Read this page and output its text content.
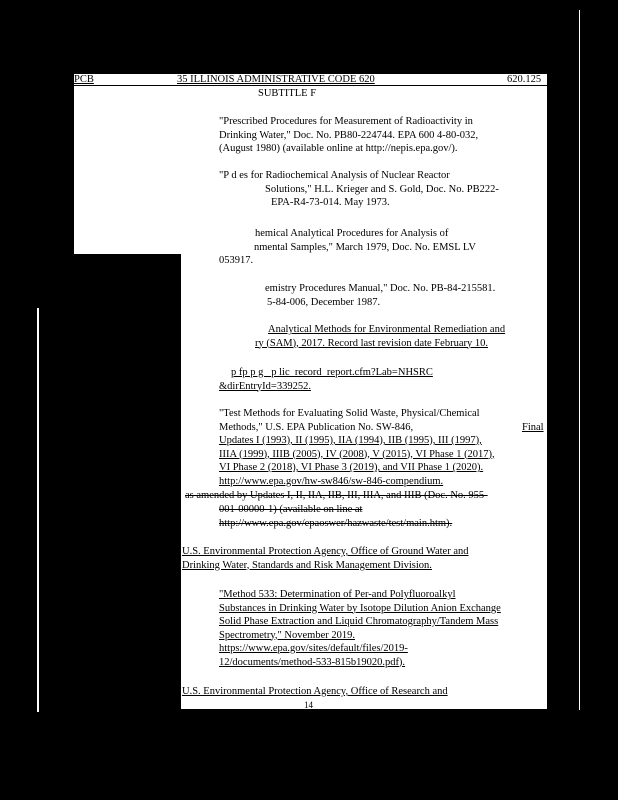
PCB	35 ILLINOIS ADMINISTRATIVE CODE 620	620.125
SUBTITLE F
"Prescribed Procedures for Measurement of Radioactivity in
Drinking Water," Doc. No. PB80-224744. EPA 600 4-80-032,
(August 1980) (available online at http://nepis.epa.gov/).
"P d es for Radiochemical Analysis of Nuclear Reactor
Solutions," H.L. Krieger and S. Gold, Doc. No. PB222-
EPA-R4-73-014. May 1973.
hemical Analytical Procedures for Analysis of
nmental Samples," March 1979, Doc. No. EMSL LV
053917.
emistry Procedures Manual," Doc. No. PB-84-215581.
5-84-006, December 1987.
Analytical Methods for Environmental Remediation and
ry (SAM), 2017. Record last revision date February 10.
p fp p g _p lic_record_report.cfm?Lab=NHSRC
&dirEntryId=339252.
"Test Methods for Evaluating Solid Waste, Physical/Chemical
Methods," U.S. EPA Publication No. SW-846,	Final
Updates I (1993), II (1995), IIA (1994), IIB (1995), III (1997),
IIIA (1999), IIIB (2005), IV (2008), V (2015), VI Phase 1 (2017),
VI Phase 2 (2018), VI Phase 3 (2019), and VII Phase 1 (2020).
http://www.epa.gov/hw-sw846/sw-846-compendium.
as amended by Updates I, II, IIA, IIB, III, IIIA, and IIIB (Doc. No. 955-
001-00000-1) (available on line at
http://www.epa.gov/epaoswer/hazwaste/test/main.htm).
U.S. Environmental Protection Agency, Office of Ground Water and
Drinking Water, Standards and Risk Management Division.
"Method 533: Determination of Per-and Polyfluoroalkyl
Substances in Drinking Water by Isotope Dilution Anion Exchange
Solid Phase Extraction and Liquid Chromatography/Tandem Mass
Spectrometry," November 2019.
https://www.epa.gov/sites/default/files/2019-
12/documents/method-533-815b19020.pdf).
U.S. Environmental Protection Agency, Office of Research and
14
